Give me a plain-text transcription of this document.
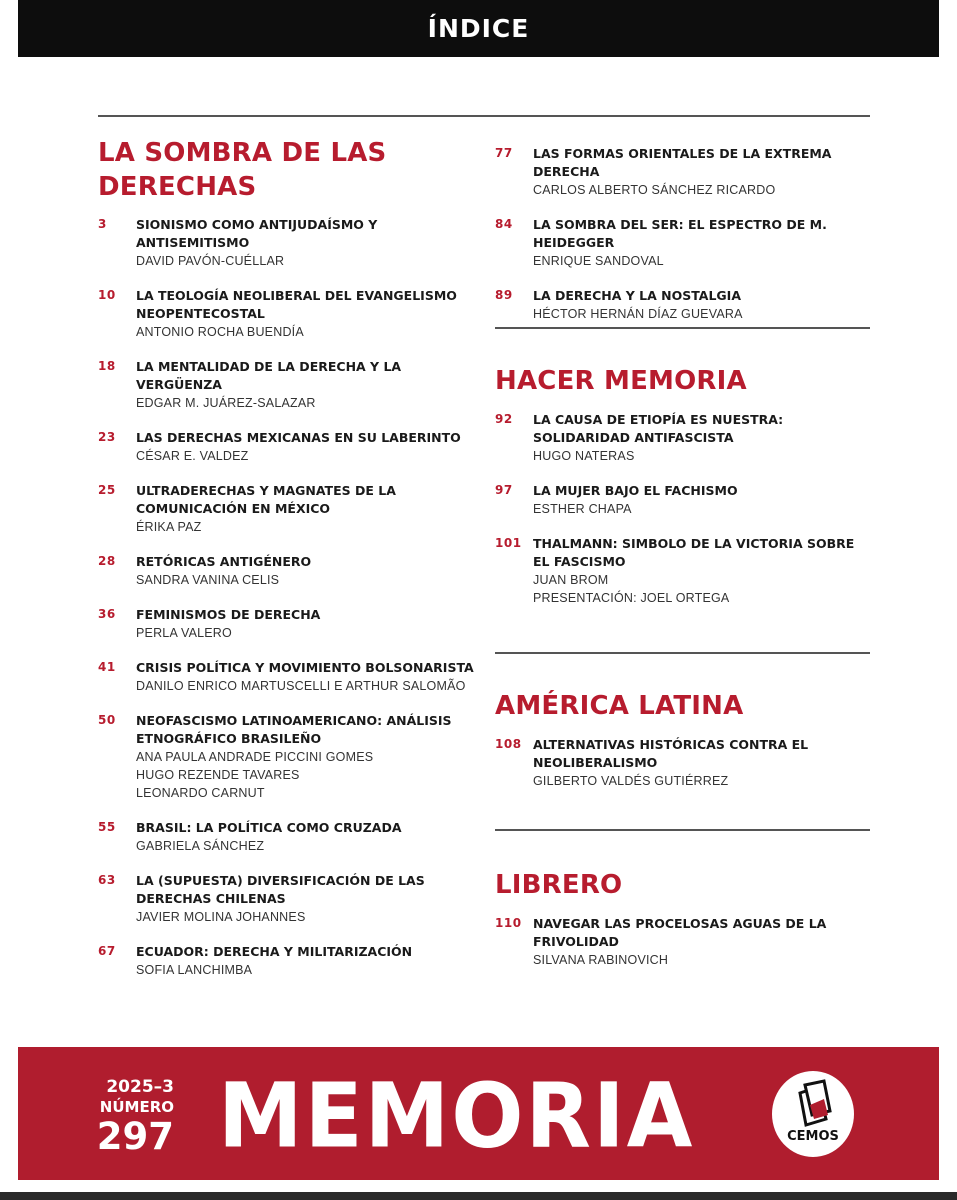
ÍNDICE
LA SOMBRA DE LAS DERECHAS
3 SIONISMO COMO ANTIJUDAÍSMO Y ANTISEMITISMO
DAVID PAVÓN-CUÉLLAR
10 LA TEOLOGÍA NEOLIBERAL DEL EVANGELISMO NEOPENTECOSTAL
ANTONIO ROCHA BUENDÍA
18 LA MENTALIDAD DE LA DERECHA Y LA VERGÜENZA
EDGAR M. JUÁREZ-SALAZAR
23 LAS DERECHAS MEXICANAS EN SU LABERINTO
CÉSAR E. VALDEZ
25 ULTRADERECHAS Y MAGNATES DE LA COMUNICACIÓN EN MÉXICO
ÉRIKA PAZ
28 RETÓRICAS ANTIGÉNERO
SANDRA VANINA CELIS
36 FEMINISMOS DE DERECHA
PERLA VALERO
41 CRISIS POLÍTICA Y MOVIMIENTO BOLSONARISTA
DANILO ENRICO MARTUSCELLI E ARTHUR SALOMÃO
50 NEOFASCISMO LATINOAMERICANO: ANÁLISIS ETNOGRÁFICO BRASILEÑO
ANA PAULA ANDRADE PICCINI GOMES
HUGO REZENDE TAVARES
LEONARDO CARNUT
55 BRASIL: LA POLÍTICA COMO CRUZADA
GABRIELA SÁNCHEZ
63 LA (SUPUESTA) DIVERSIFICACIÓN DE LAS DERECHAS CHILENAS
JAVIER MOLINA JOHANNES
67 ECUADOR: DERECHA Y MILITARIZACIÓN
SOFIA LANCHIMBA
77 LAS FORMAS ORIENTALES DE LA EXTREMA DERECHA
CARLOS ALBERTO SÁNCHEZ RICARDO
84 LA SOMBRA DEL SER: EL ESPECTRO DE M. HEIDEGGER
ENRIQUE SANDOVAL
89 LA DERECHA Y LA NOSTALGIA
HÉCTOR HERNÁN DÍAZ GUEVARA
HACER MEMORIA
92 LA CAUSA DE ETIOPÍA ES NUESTRA: SOLIDARIDAD ANTIFASCISTA
HUGO NATERAS
97 LA MUJER BAJO EL FACHISMO
ESTHER CHAPA
101 THALMANN: SIMBOLO DE LA VICTORIA SOBRE EL FASCISMO
JUAN BROM
PRESENTACIÓN: JOEL ORTEGA
AMÉRICA LATINA
108 ALTERNATIVAS HISTÓRICAS CONTRA EL NEOLIBERALISMO
GILBERTO VALDÉS GUTIÉRREZ
LIBRERO
110 NAVEGAR LAS PROCELOSAS AGUAS DE LA FRIVOLIDAD
SILVANA RABINOVICH
2025–3
NÚMERO
297 MEMORIA	CEMOS
